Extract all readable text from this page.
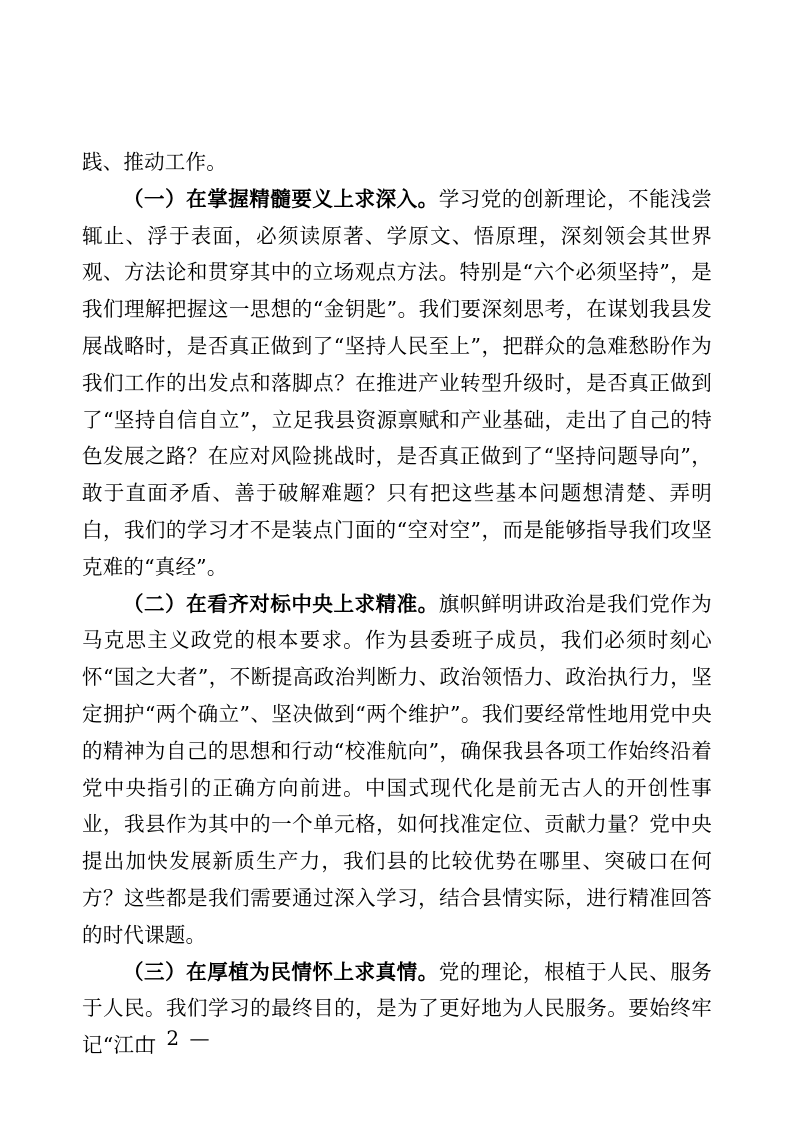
践、推动工作。

（一）在掌握精髓要义上求深入。学习党的创新理论，不能浅尝辄止、浮于表面，必须读原著、学原文、悟原理，深刻领会其世界观、方法论和贯穿其中的立场观点方法。特别是“六个必须坚持”，是我们理解把握这一思想的“金钥匙”。我们要深刻思考，在谋划我县发展战略时，是否真正做到了“坚持人民至上”，把群众的急难愁盼作为我们工作的出发点和落脚点？在推进产业转型升级时，是否真正做到了“坚持自信自立”，立足我县资源禀赋和产业基础，走出了自己的特色发展之路？在应对风险挑战时，是否真正做到了“坚持问题导向”，敢于直面矛盾、善于破解难题？只有把这些基本问题想清楚、弄明白，我们的学习才不是装点门面的“空对空”，而是能够指导我们攻坚克难的“真经”。

（二）在看齐对标中央上求精准。旗帜鲜明讲政治是我们党作为马克思主义政党的根本要求。作为县委班子成员，我们必须时刻心怀“国之大者”，不断提高政治判断力、政治领悟力、政治执行力，坚定拥护“两个确立”、坚决做到“两个维护”。我们要经常性地用党中央的精神为自己的思想和行动“校准航向”，确保我县各项工作始终沿着党中央指引的正确方向前进。中国式现代化是前无古人的开创性事业，我县作为其中的一个单元格，如何找准定位、贡献力量？党中央提出加快发展新质生产力，我们县的比较优势在哪里、突破口在何方？这些都是我们需要通过深入学习，结合县情实际，进行精准回答的时代课题。

（三）在厚植为民情怀上求真情。党的理论，根植于人民、服务于人民。我们学习的最终目的，是为了更好地为人民服务。要始终牢记“江山

— 2 —
